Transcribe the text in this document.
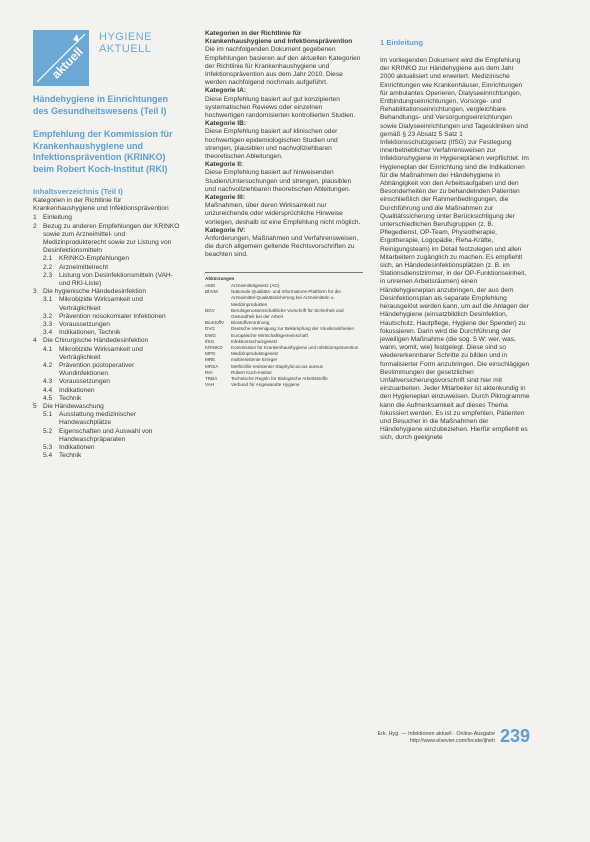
aktuell
HYGIENE
AKTUELL
Händehygiene in Einrichtungen des Gesundheitswesens (Teil I)
Empfehlung der Kommission für Krankenhaushygiene und Infektionsprävention (KRINKO) beim Robert Koch-Institut (RKI)
Inhaltsverzeichnis (Teil I)
Kategorien in der Richtlinie für Krankenhaushygiene und Infektionsprävention
1 Einleitung
2 Bezug zu anderen Empfehlungen der KRINKO sowie zum Arzneimittel- und Medizinprodukterecht sowie zur Listung von Desinfektionsmitteln
2.1	KRINKO-Empfehlungen
2.2	Arzneimittelrecht
2.3	Listung von Desinfektionsmitteln (VAH- und RKI-Liste)
3 Die hygienische Händedesinfektion
3.1	Mikrobizide Wirksamkeit und Verträglichkeit
3.2	Prävention nosokomialer Infektionen
3.3	Voraussetzungen
3.4	Indikationen, Technik
4 Die Chirurgische Händedesinfektion
4.1	Mikrobizide Wirksamkeit und Verträglichkeit
4.2	Prävention postoperativer Wundinfektionen
4.3	Voraussetzungen
4.4	Indikationen
4.5	Technik
5 Die Händewaschung
5.1	Ausstattung medizinischer Handwaschplätze
5.2	Eigenschaften und Auswahl von Handwaschpräparaten
5.3	Indikationen
5.4	Technik

Kategorien in der Richtlinie für Krankenhaushygiene und Infektionsprävention

Die im nachfolgenden Dokument gegebenen Empfehlungen basieren auf den aktuellen Kategorien der Richtlinie für Krankenhaushygiene und Infektionsprävention aus dem Jahr 2010. Diese werden nachfolgend nochmals aufgeführt.

Kategorie IA:

Diese Empfehlung basiert auf gut konzipierten systematischen Reviews oder einzelnen hochwertigen randomisierten kontrollierten Studien.

Kategorie IB:

Diese Empfehlung basiert auf klinischen oder hochwertigen epidemiologischen Studien und strengen, plausiblen und nachvollziehbaren theoretischen Ableitungen.

Kategorie II:

Diese Empfehlung basiert auf hinweisenden Studien/Untersuchungen und strengen, plausiblen und nachvollziehbaren theoretischen Ableitungen.

Kategorie III:

Maßnahmen, über deren Wirksamkeit nur unzureichende oder widersprüchliche Hinweise vorliegen, deshalb ist eine Empfehlung nicht möglich.

Kategorie IV:

Anforderungen, Maßnahmen und Verfahrensweisen, die durch allgemein geltende Rechtsvorschriften zu beachten sind.

Abkürzungen
AMG	Arzneimittelgesetz (AG)
BfArM	Nationale Qualitäts- und Informations-Plattform für die Arzneimittel-Qualitätssicherung bei Arzneimitteln u. Medizinprodukten
BGV	Berufsgenossenschaftliche Vorschrift für Sicherheit und Gesundheit bei der Arbeit
BioStoffV	Biostoffverordnung
DVG	Deutsche Vereinigung zur Bekämpfung der Viruskrankheiten
EWG	Europäische Wirtschaftsgemeinschaft
IfSG	Infektionsschutzgesetz
KRINKO	Kommission für Krankenhaushygiene und Infektionsprävention
MPG	Medizinproduktegesetz
MRE	multiresistente Erreger
MRSA	Methicillin-resistenter Staphylococcus aureus
RKI	Robert Koch-Institut
TRBA	Technische Regeln für Biologische Arbeitsstoffe
VAH	Verbund für Angewandte Hygiene
1 Einleitung

Im vorliegenden Dokument wird die Empfehlung der KRINKO zur Händehygiene aus dem Jahr 2000 aktualisiert und erweitert. Medizinische Einrichtungen wie Krankenhäuser, Einrichtungen für ambulantes Operieren, Dialyseeinrichtungen, Entbindungseinrichtungen, Vorsorge- und Rehabilitationseinrichtungen, vergleichbare Behandlungs- und Versorgungseinrichtungen sowie Dialyseeinrichtungen und Tageskliniken sind gemäß § 23 Absatz 5 Satz 1 Infektionsschutzgesetz (IfSG) zur Festlegung innerbetrieblicher Verfahrensweisen zur Infektionshygiene in Hygieneplänen verpflichtet. Im Hygieneplan der Einrichtung sind die Indikationen für die Maßnahmen der Händehygiene in Abhängigkeit von den Arbeitsaufgaben und den Besonderheiten der zu behandelnden Patienten einschließlich der Rahmenbedingungen, die Durchführung und die Maßnahmen zur Qualitätssicherung unter Berücksichtigung der unterschiedlichen Berufsgruppen (z. B. Pflegedienst, OP-Team, Physiotherapie, Ergotherapie, Logopädie, Reha-Kräfte, Reinigungsteam) im Detail festzulegen und allen Mitarbeitern zugänglich zu machen. Es empfiehlt sich, an Händedesinfektionsplätzen (z. B. im Stationsdienstzimmer, in der OP-Funktionseinheit, in unreinen Arbeitsräumen) einen Händehygieneplan anzubringen, der aus dem Desinfektionsplan als separate Empfehlung herausgelöst werden kann, um auf die Anlagen der Händehygiene (einsatzbildlich Desinfektion, Hautschutz, Hautpflege, Hygiene der Spender) zu fokussieren. Darin wird die Durchführung der jeweiligen Maßnahme (die sog. 5 W: wer, was, wann, womit, wie) festgelegt. Diese sind so wiedererkennbarer Schritte zu bilden und in formalisierter Form anzubringen. Die einschlägigen Bestimmungen der gesetzlichen Unfallversicherungsvorschrift sind hier mit einzuarbeiten. Jeder Mitarbeiter ist aktenkundig in den Hygieneplan einzuweisen. Durch Piktogramme kann die Aufmerksamkeit auf dieses Thema fokussiert werden. Es ist zu empfehlen, Patienten und Besucher in die Maßnahmen der Händehygiene einzubeziehen. Hierfür empfiehlt es sich, durch geeignete

Erk. Hyg. — Infektionen aktuell · Online-Ausgabe
http://www.elsevier.com/locate/ijheh 239
